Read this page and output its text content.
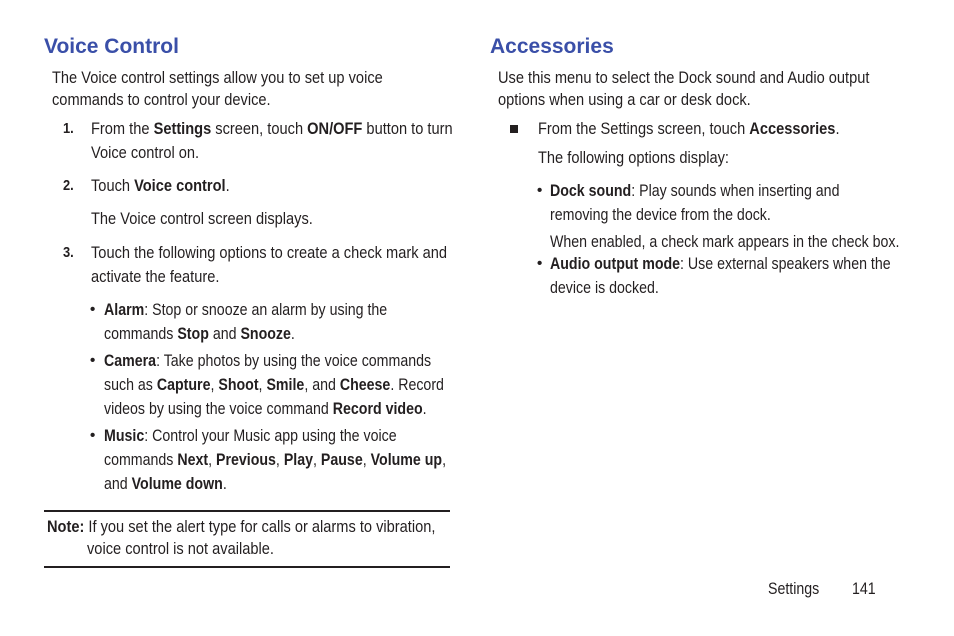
Voice Control
The Voice control settings allow you to set up voice
commands to control your device.
1. From the Settings screen, touch ON/OFF button to turn
Voice control on.
2. Touch Voice control.
The Voice control screen displays.
3. Touch the following options to create a check mark and
activate the feature.
• Alarm: Stop or snooze an alarm by using the
commands Stop and Snooze.
• Camera: Take photos by using the voice commands
such as Capture, Shoot, Smile, and Cheese. Record
videos by using the voice command Record video.
• Music: Control your Music app using the voice
commands Next, Previous, Play, Pause, Volume up,
and Volume down.
Note: If you set the alert type for calls or alarms to vibration,
voice control is not available.
Accessories
Use this menu to select the Dock sound and Audio output
options when using a car or desk dock.
From the Settings screen, touch Accessories.
The following options display:
• Dock sound: Play sounds when inserting and
removing the device from the dock.
When enabled, a check mark appears in the check box.
• Audio output mode: Use external speakers when the
device is docked.
Settings	141
